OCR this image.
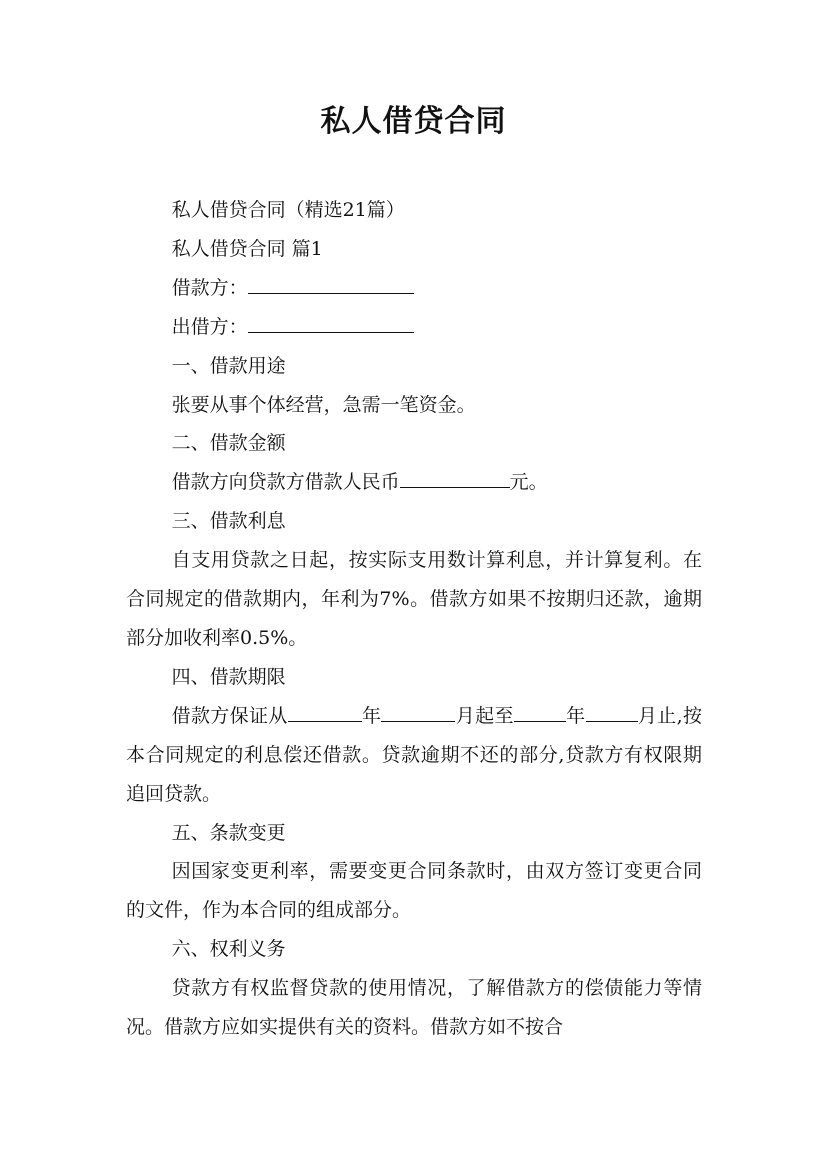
私人借贷合同

私人借贷合同（精选21篇）

私人借贷合同 篇1

借款方：

出借方：

一、借款用途

张要从事个体经营，急需一笔资金。

二、借款金额

借款方向贷款方借款人民币	元。

三、借款利息

自支用贷款之日起，按实际支用数计算利息，并计算复利。在合同规定的借款期内，年利为7%。借款方如果不按期归还款，逾期部分加收利率0.5%。

四、借款期限

借款方保证从	年	月起至	年	月止,按本合同规定的利息偿还借款。贷款逾期不还的部分,贷款方有权限期追回贷款。

五、条款变更

因国家变更利率，需要变更合同条款时，由双方签订变更合同的文件，作为本合同的组成部分。

六、权利义务

贷款方有权监督贷款的使用情况，了解借款方的偿债能力等情况。借款方应如实提供有关的资料。借款方如不按合
